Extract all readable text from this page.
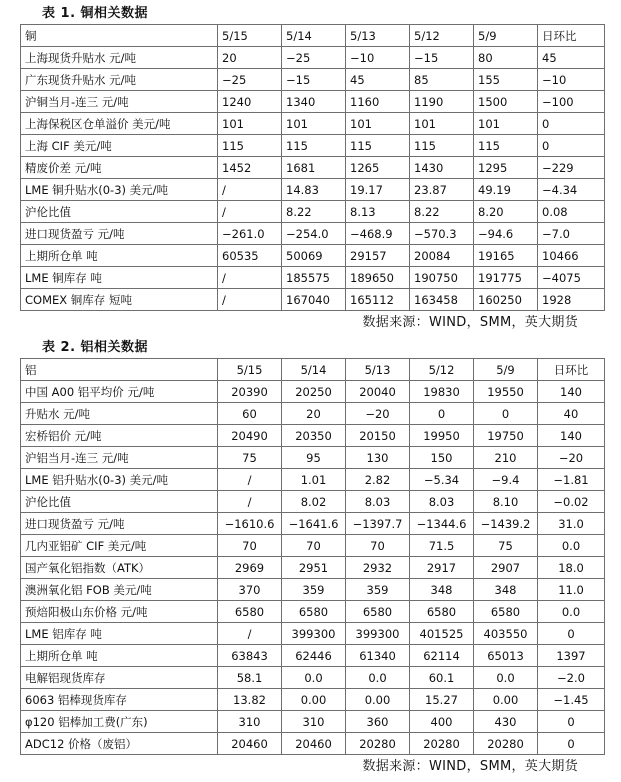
表 1. 铜相关数据
铜	5/15	5/14	5/13	5/12	5/9	日环比
上海现货升贴水 元/吨	20	−25	−10	−15	80	45
广东现货升贴水 元/吨	−25	−15	45	85	155	−10
沪铜当月-连三 元/吨	1240	1340	1160	1190	1500	−100
上海保税区仓单溢价 美元/吨	101	101	101	101	101	0
上海 CIF 美元/吨	115	115	115	115	115	0
精废价差 元/吨	1452	1681	1265	1430	1295	−229
LME 铜升贴水(0-3) 美元/吨	/	14.83	19.17	23.87	49.19	−4.34
沪伦比值	/	8.22	8.13	8.22	8.20	0.08
进口现货盈亏 元/吨	−261.0	−254.0	−468.9	−570.3	−94.6	−7.0
上期所仓单 吨	60535	50069	29157	20084	19165	10466
LME 铜库存 吨	/	185575	189650	190750	191775	−4075
COMEX 铜库存 短吨	/	167040	165112	163458	160250	1928
数据来源：WIND，SMM，英大期货
表 2. 铝相关数据
铝	5/15	5/14	5/13	5/12	5/9	日环比
中国 A00 铝平均价 元/吨	20390	20250	20040	19830	19550	140
升贴水 元/吨	60	20	−20	0	0	40
宏桥铝价 元/吨	20490	20350	20150	19950	19750	140
沪铝当月-连三 元/吨	75	95	130	150	210	−20
LME 铝升贴水(0-3) 美元/吨	/	1.01	2.82	−5.34	−9.4	−1.81
沪伦比值	/	8.02	8.03	8.03	8.10	−0.02
进口现货盈亏 元/吨	−1610.6	−1641.6	−1397.7	−1344.6	−1439.2	31.0
几内亚铝矿 CIF 美元/吨	70	70	70	71.5	75	0.0
国产氧化铝指数（ATK）	2969	2951	2932	2917	2907	18.0
澳洲氧化铝 FOB 美元/吨	370	359	359	348	348	11.0
预焙阳极山东价格 元/吨	6580	6580	6580	6580	6580	0.0
LME 铝库存 吨	/	399300	399300	401525	403550	0
上期所仓单 吨	63843	62446	61340	62114	65013	1397
电解铝现货库存	58.1	0.0	0.0	60.1	0.0	−2.0
6063 铝棒现货库存	13.82	0.00	0.00	15.27	0.00	−1.45
φ120 铝棒加工费(广东)	310	310	360	400	430	0
ADC12 价格（废铝）	20460	20460	20280	20280	20280	0
数据来源：WIND，SMM，英大期货
